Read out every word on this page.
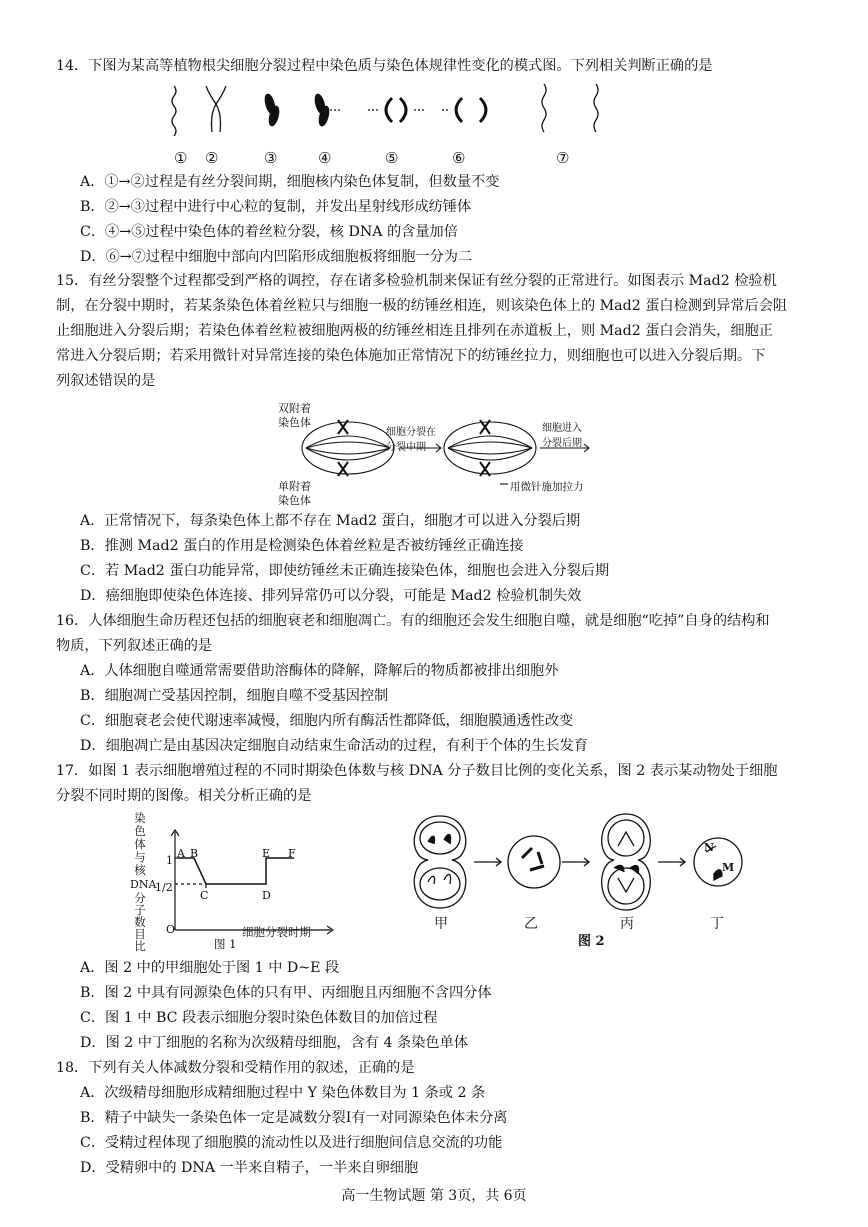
14．下图为某高等植物根尖细胞分裂过程中染色质与染色体规律性变化的模式图。下列相关判断正确的是
① ②	③	④	⑤	⑥	⑦
A．①→②过程是有丝分裂间期，细胞核内染色体复制，但数量不变
B．②→③过程中进行中心粒的复制，并发出星射线形成纺锤体
C．④→⑤过程中染色体的着丝粒分裂，核 DNA 的含量加倍
D．⑥→⑦过程中细胞中部向内凹陷形成细胞板将细胞一分为二
15．有丝分裂整个过程都受到严格的调控，存在诸多检验机制来保证有丝分裂的正常进行。如图表示 Mad2 检验机
制，在分裂中期时，若某条染色体着丝粒只与细胞一极的纺锤丝相连，则该染色体上的 Mad2 蛋白检测到异常后会阻
止细胞进入分裂后期；若染色体着丝粒被细胞两极的纺锤丝相连且排列在赤道板上，则 Mad2 蛋白会消失，细胞正
常进入分裂后期；若采用微针对异常连接的染色体施加正常情况下的纺锤丝拉力，则细胞也可以进入分裂后期。下
列叙述错误的是
双附着
染色体
单附着
染色体
细胞分裂在
分裂中期
细胞进入
分裂后期
用微针施加拉力
A．正常情况下，每条染色体上都不存在 Mad2 蛋白，细胞才可以进入分裂后期
B．推测 Mad2 蛋白的作用是检测染色体着丝粒是否被纺锤丝正确连接
C．若 Mad2 蛋白功能异常，即使纺锤丝未正确连接染色体，细胞也会进入分裂后期
D．癌细胞即使染色体连接、排列异常仍可以分裂，可能是 Mad2 检验机制失效
16．人体细胞生命历程还包括的细胞衰老和细胞凋亡。有的细胞还会发生细胞自噬，就是细胞“吃掉”自身的结构和
物质，下列叙述正确的是
A．人体细胞自噬通常需要借助溶酶体的降解，降解后的物质都被排出细胞外
B．细胞凋亡受基因控制，细胞自噬不受基因控制
C．细胞衰老会使代谢速率减慢，细胞内所有酶活性都降低，细胞膜通透性改变
D．细胞凋亡是由基因决定细胞自动结束生命活动的过程，有利于个体的生长发育
17．如图 1 表示细胞增殖过程的不同时期染色体数与核 DNA 分子数目比例的变化关系，图 2 表示某动物处于细胞
分裂不同时期的图像。相关分析正确的是
染
色
体
与
核
DNA
分
子
数
目
比
1
1/2
O
A B
C	D
E F
细胞分裂时期
图 1
N
M
甲	乙	丙	丁
图 2
A．图 2 中的甲细胞处于图 1 中 D~E 段
B．图 2 中具有同源染色体的只有甲、丙细胞且丙细胞不含四分体
C．图 1 中 BC 段表示细胞分裂时染色体数目的加倍过程
D．图 2 中丁细胞的名称为次级精母细胞，含有 4 条染色单体
18．下列有关人体减数分裂和受精作用的叙述，正确的是
A．次级精母细胞形成精细胞过程中 Y 染色体数目为 1 条或 2 条
B．精子中缺失一条染色体一定是减数分裂Ⅰ有一对同源染色体未分离
C．受精过程体现了细胞膜的流动性以及进行细胞间信息交流的功能
D．受精卵中的 DNA 一半来自精子，一半来自卵细胞
高一生物试题 第 3页，共 6页
